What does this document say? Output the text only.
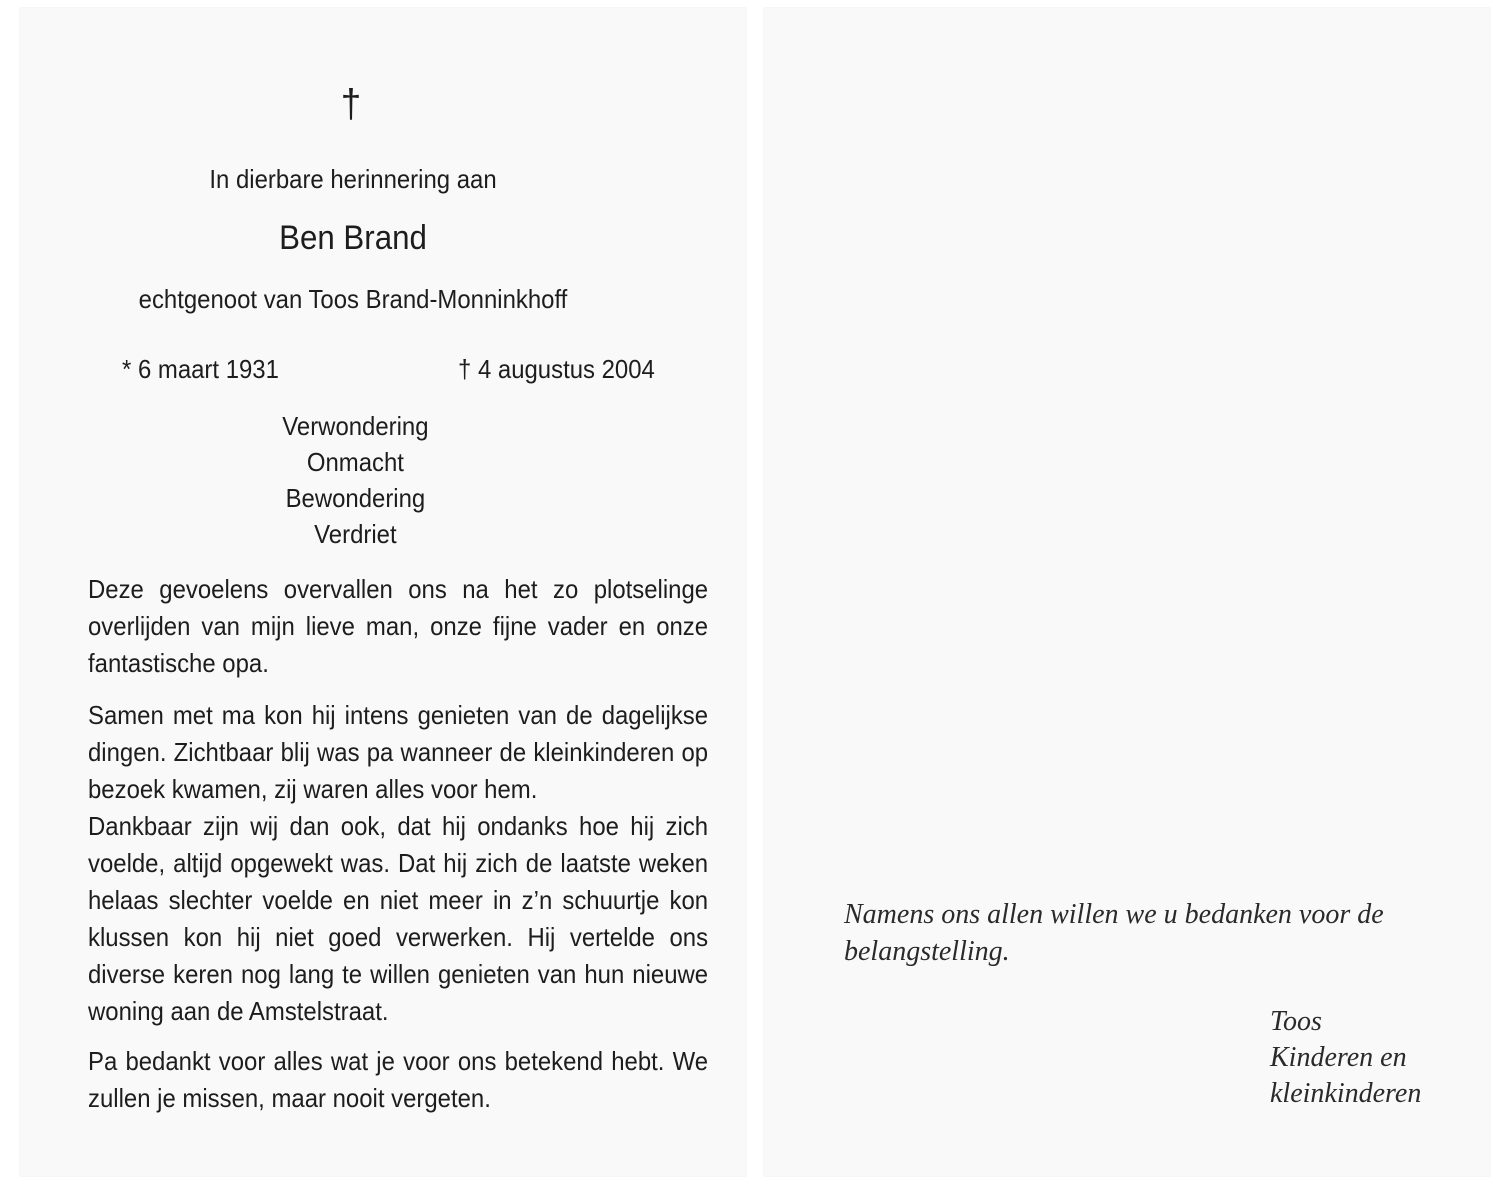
†

In dierbare herinnering aan

Ben Brand

echtgenoot van Toos Brand-Monninkhoff

* 6 maart 1931	† 4 augustus 2004

Verwondering
Onmacht
Bewondering
Verdriet

Deze gevoelens overvallen ons na het zo plotselinge overlijden van mijn lieve man, onze fijne vader en onze fantastische opa.

Samen met ma kon hij intens genieten van de dagelijkse dingen. Zichtbaar blij was pa wanneer de kleinkinderen op bezoek kwamen, zij waren alles voor hem.
Dankbaar zijn wij dan ook, dat hij ondanks hoe hij zich voelde, altijd opgewekt was. Dat hij zich de laatste weken helaas slechter voelde en niet meer in z’n schuurtje kon klussen kon hij niet goed verwerken. Hij vertelde ons diverse keren nog lang te willen genieten van hun nieuwe woning aan de Amstelstraat.

Pa bedankt voor alles wat je voor ons betekend hebt. We zullen je missen, maar nooit vergeten.

Namens ons allen willen we u bedanken voor de belangstelling.

Toos
Kinderen en
kleinkinderen
